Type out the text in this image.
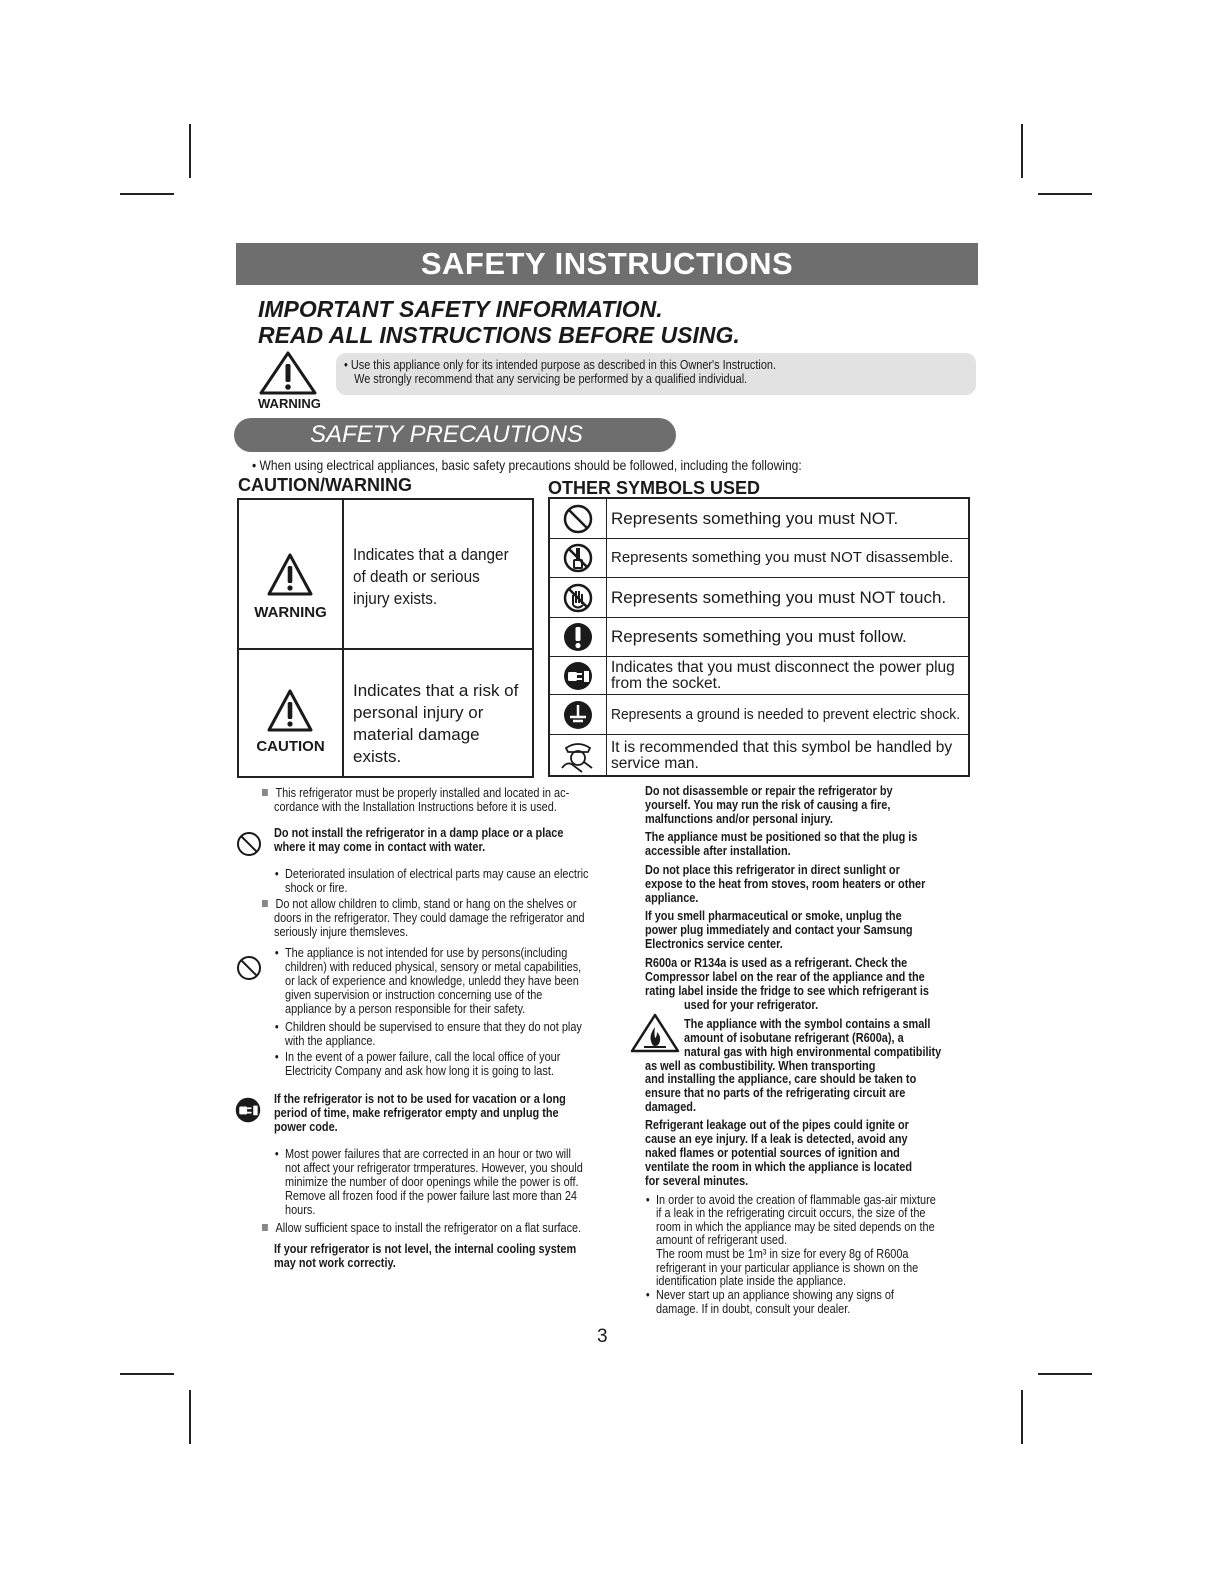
SAFETY INSTRUCTIONS
IMPORTANT SAFETY INFORMATION.
READ ALL INSTRUCTIONS BEFORE USING.
WARNING
• Use this appliance only for its intended purpose as described in this Owner's Instruction.
We strongly recommend that any servicing be performed by a qualified individual.
SAFETY PRECAUTIONS
• When using electrical appliances, basic safety precautions should be followed, including the following:
CAUTION/WARNING	OTHER SYMBOLS USED
WARNING
Indicates that a danger of death or serious injury exists.
CAUTION
Indicates that a risk of personal injury or material damage exists.
Represents something you must NOT.
Represents something you must NOT disassemble.
Represents something you must NOT touch.
Represents something you must follow.
Indicates that you must disconnect the power plug from the socket.
Represents a ground is needed to prevent electric shock.
It is recommended that this symbol be handled by service man.
This refrigerator must be properly installed and located in ac-
cordance with the Installation Instructions before it is used.
Do not install the refrigerator in a damp place or a place
where it may come in contact with water.
Deteriorated insulation of electrical parts may cause an electric
shock or fire.
Do not allow children to climb, stand or hang on the shelves or
doors in the refrigerator. They could damage the refrigerator and
seriously injure themsleves.
The appliance is not intended for use by persons(including
children) with reduced physical, sensory or metal capabilities,
or lack of experience and knowledge, unledd they have been
given supervision or instruction concerning use of the
appliance by a person responsible for their safety.
Children should be supervised to ensure that they do not play
with the appliance.
In the event of a power failure, call the local office of your
Electricity Company and ask how long it is going to last.
If the refrigerator is not to be used for vacation or a long
period of time, make refrigerator empty and unplug the
power code.
Most power failures that are corrected in an hour or two will
not affect your refrigerator trmperatures. However, you should
minimize the number of door openings while the power is off.
Remove all frozen food if the power failure last more than 24
hours.
Allow sufficient space to install the refrigerator on a flat surface.
If your refrigerator is not level, the internal cooling system
may not work correctiy.
Do not disassemble or repair the refrigerator by
yourself. You may run the risk of causing a fire,
malfunctions and/or personal injury.
The appliance must be positioned so that the plug is
accessible after installation.
Do not place this refrigerator in direct sunlight or
expose to the heat from stoves, room heaters or other
appliance.
If you smell pharmaceutical or smoke, unplug the
power plug immediately and contact your Samsung
Electronics service center.
R600a or R134a is used as a refrigerant. Check the
Compressor label on the rear of the appliance and the
rating label inside the fridge to see which refrigerant is
used for your refrigerator.
The appliance with the symbol contains a small
amount of isobutane refrigerant (R600a), a
natural gas with high environmental compatibility
as well as combustibility. When transporting
and installing the appliance, care should be taken to
ensure that no parts of the refrigerating circuit are
damaged.
Refrigerant leakage out of the pipes could ignite or
cause an eye injury. If a leak is detected, avoid any
naked flames or potential sources of ignition and
ventilate the room in which the appliance is located
for several minutes.
In order to avoid the creation of flammable gas-air mixture
if a leak in the refrigerating circuit occurs, the size of the
room in which the appliance may be sited depends on the
amount of refrigerant used.
The room must be 1m³ in size for every 8g of R600a
refrigerant in your particular appliance is shown on the
identification plate inside the appliance.
Never start up an appliance showing any signs of
damage. If in doubt, consult your dealer.
3
